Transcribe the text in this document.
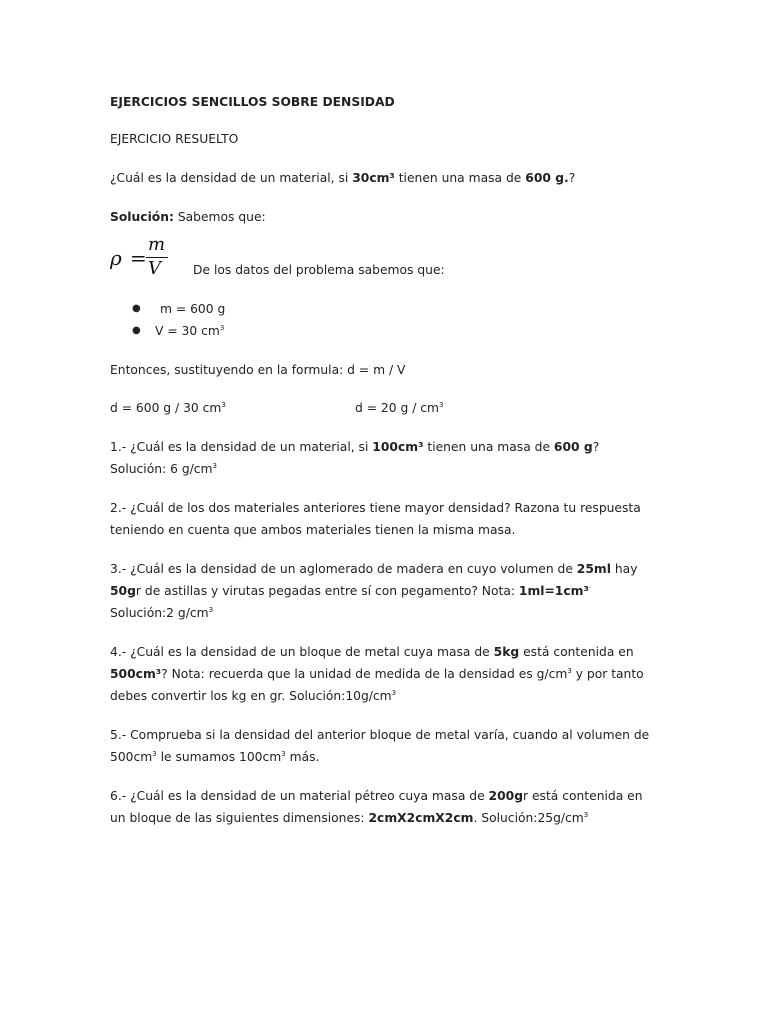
EJERCICIOS SENCILLOS SOBRE DENSIDAD
EJERCICIO RESUELTO
¿Cuál es la densidad de un material, si 30cm³ tienen una masa de 600 g.?
Solución: Sabemos que:
ρ =
m
V	De los datos del problema sabemos que:
● m = 600 g
● V = 30 $cm^3$
Entonces, sustituyendo en la formula: d = m / V
d = 600 g / 30 $cm^3$	d = 20 g / $cm^3$
1.- ¿Cuál es la densidad de un material, si 100cm³ tienen una masa de 600 g?
Solución: 6 $g/cm^3$
2.- ¿Cuál de los dos materiales anteriores tiene mayor densidad? Razona tu respuesta
teniendo en cuenta que ambos materiales tienen la misma masa.
3.- ¿Cuál es la densidad de un aglomerado de madera en cuyo volumen de 25ml hay
50gr de astillas y virutas pegadas entre sí con pegamento? Nota: 1ml=1cm³·
Solución:2 $g/cm^3$
4.- ¿Cuál es la densidad de un bloque de metal cuya masa de 5kg está contenida en
500cm³? Nota: recuerda que la unidad de medida de la densidad es $g/cm^3$ y por tanto
debes convertir los kg en gr. $Solución:10g/cm^3$
5.- Comprueba si la densidad del anterior bloque de metal varía, cuando al volumen de
$500cm^3$ le sumamos $100cm^3$ más.
6.- ¿Cuál es la densidad de un material pétreo cuya masa de 200gr está contenida en
un bloque de las siguientes dimensiones: 2cmX2cmX2cm. $Solución:25g/cm^3$
